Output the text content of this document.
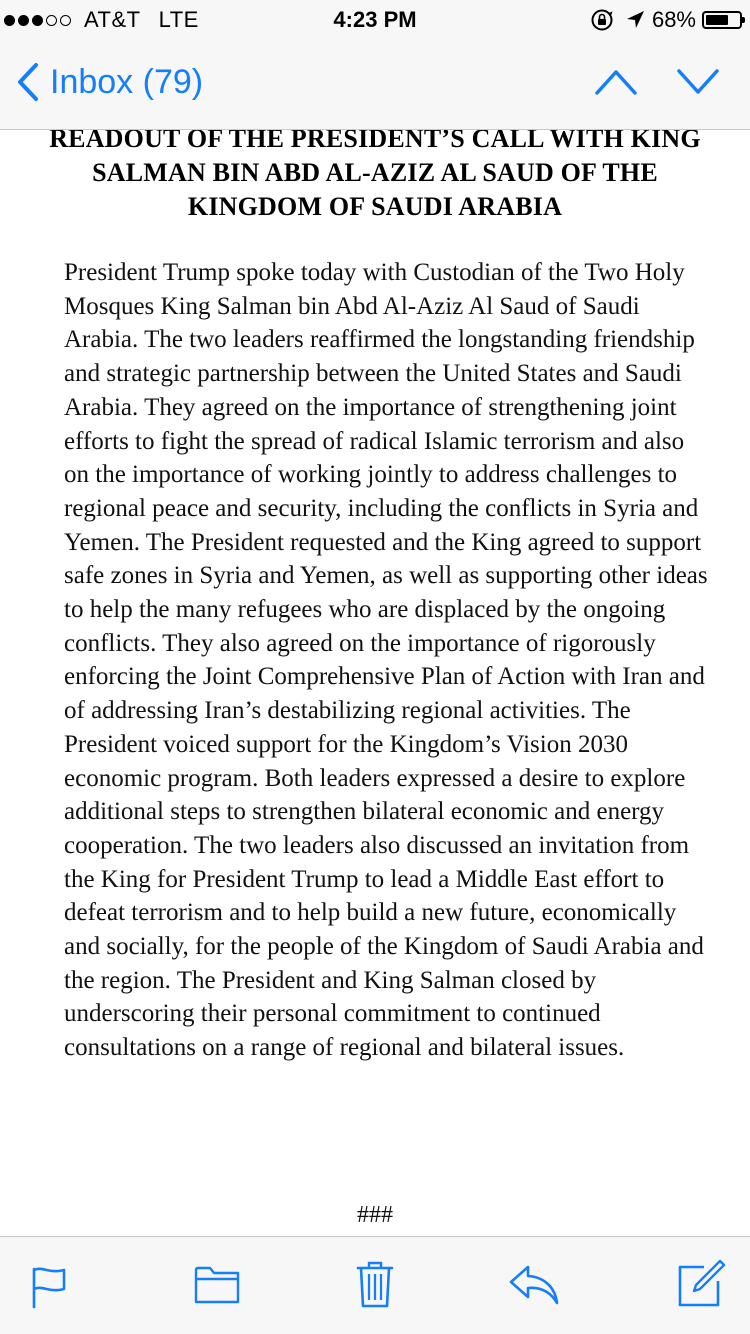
AT&T LTE	4:23 PM	68%
Inbox (79)
READOUT OF THE PRESIDENT’S CALL WITH KING SALMAN BIN ABD AL-AZIZ AL SAUD OF THE KINGDOM OF SAUDI ARABIA

President Trump spoke today with Custodian of the Two Holy Mosques King Salman bin Abd Al-Aziz Al Saud of Saudi Arabia. The two leaders reaffirmed the longstanding friendship and strategic partnership between the United States and Saudi Arabia. They agreed on the importance of strengthening joint efforts to fight the spread of radical Islamic terrorism and also on the importance of working jointly to address challenges to regional peace and security, including the conflicts in Syria and Yemen. The President requested and the King agreed to support safe zones in Syria and Yemen, as well as supporting other ideas to help the many refugees who are displaced by the ongoing conflicts. They also agreed on the importance of rigorously enforcing the Joint Comprehensive Plan of Action with Iran and of addressing Iran’s destabilizing regional activities. The President voiced support for the Kingdom’s Vision 2030 economic program. Both leaders expressed a desire to explore additional steps to strengthen bilateral economic and energy cooperation. The two leaders also discussed an invitation from the King for President Trump to lead a Middle East effort to defeat terrorism and to help build a new future, economically and socially, for the people of the Kingdom of Saudi Arabia and the region. The President and King Salman closed by underscoring their personal commitment to continued consultations on a range of regional and bilateral issues.

###
